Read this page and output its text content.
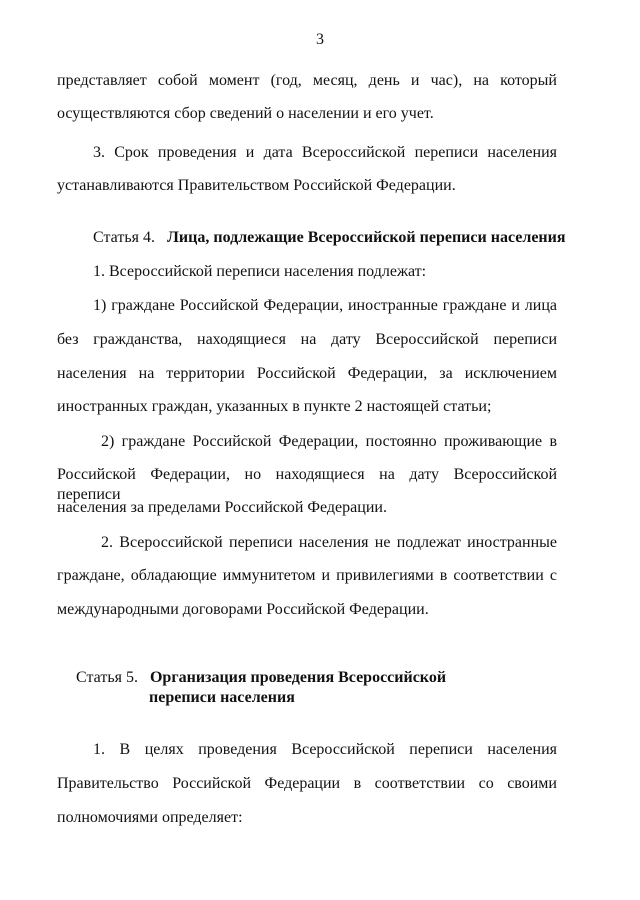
3
представляет собой момент (год, месяц, день и час), на который
осуществляются сбор сведений о населении и его учет.
3. Срок проведения и дата Всероссийской переписи населения
устанавливаются Правительством Российской Федерации.
Статья 4. Лица, подлежащие Всероссийской переписи населения
1. Всероссийской переписи населения подлежат:
1) граждане Российской Федерации, иностранные граждане и лица
без гражданства, находящиеся на дату Всероссийской переписи
населения на территории Российской Федерации, за исключением
иностранных граждан, указанных в пункте 2 настоящей статьи;
2) граждане Российской Федерации, постоянно проживающие в
Российской Федерации, но находящиеся на дату Всероссийской переписи
населения за пределами Российской Федерации.
2. Всероссийской переписи населения не подлежат иностранные
граждане, обладающие иммунитетом и привилегиями в соответствии с
международными договорами Российской Федерации.
Статья 5. Организация проведения Всероссийской
переписи населения
1. В целях проведения Всероссийской переписи населения
Правительство Российской Федерации в соответствии со своими
полномочиями определяет:
